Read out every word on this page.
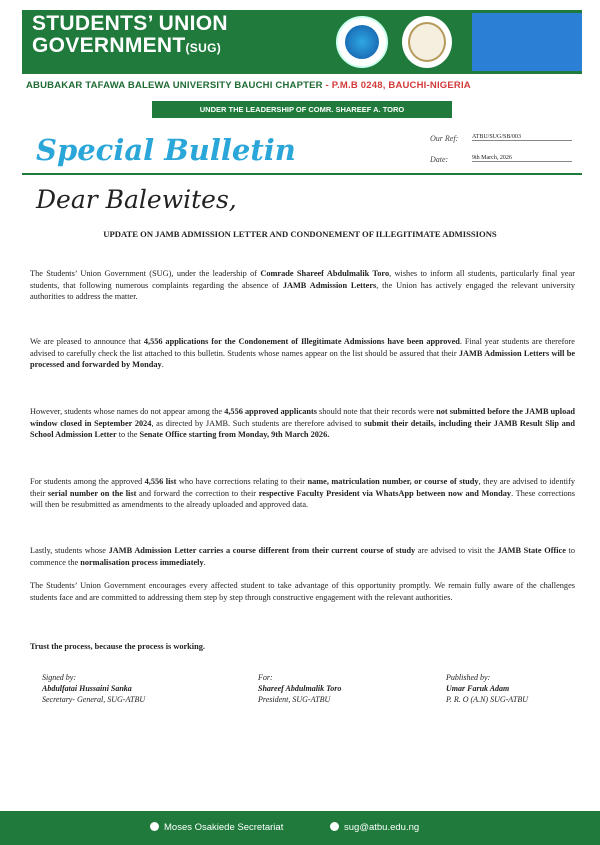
STUDENTS’ UNION
GOVERNMENT(SUG)
ABUBAKAR TAFAWA BALEWA UNIVERSITY BAUCHI CHAPTER - P.M.B 0248, BAUCHI-NIGERIA
UNDER THE LEADERSHIP OF COMR. SHAREEF A. TORO
Special Bulletin	Our Ref: ATBU/SUG/SB/003
Date:	9th March, 2026
Dear Balewites,
UPDATE ON JAMB ADMISSION LETTER AND CONDONEMENT OF ILLEGITIMATE ADMISSIONS
The Students’ Union Government (SUG), under the leadership of Comrade Shareef Abdulmalik Toro, wishes to inform all students, particularly final year students, that following numerous complaints regarding the absence of JAMB Admission Letters, the Union has actively engaged the relevant university authorities to address the matter.
We are pleased to announce that 4,556 applications for the Condonement of Illegitimate Admissions have been approved. Final year students are therefore advised to carefully check the list attached to this bulletin. Students whose names appear on the list should be assured that their JAMB Admission Letters will be processed and forwarded by Monday.
However, students whose names do not appear among the 4,556 approved applicants should note that their records were not submitted before the JAMB upload window closed in September 2024, as directed by JAMB. Such students are therefore advised to submit their details, including their JAMB Result Slip and School Admission Letter to the Senate Office starting from Monday, 9th March 2026.
For students among the approved 4,556 list who have corrections relating to their name, matriculation number, or course of study, they are advised to identify their serial number on the list and forward the correction to their respective Faculty President via WhatsApp between now and Monday. These corrections will then be resubmitted as amendments to the already uploaded and approved data.
Lastly, students whose JAMB Admission Letter carries a course different from their current course of study are advised to visit the JAMB State Office to commence the normalisation process immediately.
The Students’ Union Government encourages every affected student to take advantage of this opportunity promptly. We remain fully aware of the challenges students face and are committed to addressing them step by step through constructive engagement with the relevant authorities.
Trust the process, because the process is working.
Signed by:
Abdulfatai Hussaini Sanka
Secretary- General, SUG-ATBU
For:
Shareef Abdulmalik Toro
President, SUG-ATBU
Published by:
Umar Faruk Adam
P. R. O (A.N) SUG-ATBU
Moses Osakiede Secretariat	sug@atbu.edu.ng
